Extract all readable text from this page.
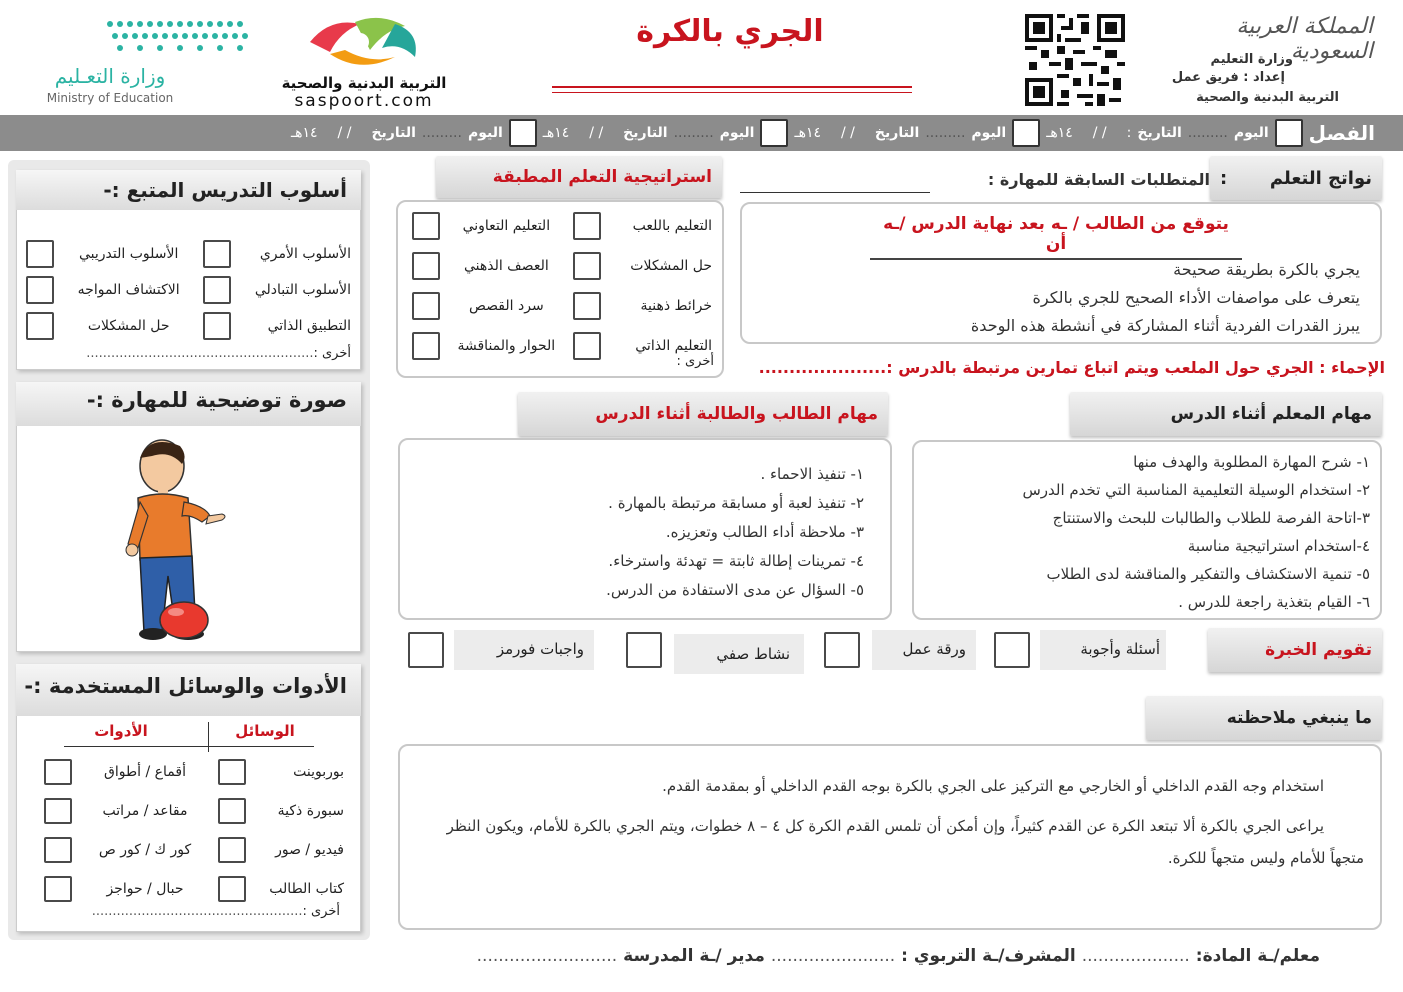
المملكة العربية السعودية
وزارة التعليم
إعداد : فريق عمل
التربية البدنية والصحية
الجري بالكرة
التربية البدنية والصحية
saspoort.com
وزارة التعـليم
Ministry of Education
الفصل
اليوم
.........
التاريخ
:
/ /
١٤هـ
اليوم
.........
التاريخ
/ /
١٤هـ
اليوم
.........
التاريخ
/ /
١٤هـ
اليوم
.........
التاريخ
/ /
١٤هـ
أسلوب التدريس المتبع :-
الأسلوب الأمري
الأسلوب التدريبي
الأسلوب التبادلي
الاكتشاف المواجه
التطبيق الذاتي
حل المشكلات
أخرى :.......................................................
صورة توضيحية للمهارة :-
الأدوات والوسائل المستخدمة :-
الوسائل
الأدوات
بوربوينت
أقماع / أطواق
سبورة ذكية
مقاعد / مراتب
فيديو / صور
كور ك / كور ص
كتاب الطالب
حبال / حواجز
أخرى :...................................................
نواتج التعلم
:
المتطلبات السابقة للمهارة :
استراتيجية التعلم المطبقة
يتوقع من الطالب / ـه بعد نهاية الدرس /ـه أن
يجري بالكرة بطريقة صحيحة
يتعرف على مواصفات الأداء الصحيح للجري بالكرة
يبرز القدرات الفردية أثناء المشاركة في أنشطة هذه الوحدة
التعليم باللعب
التعليم التعاوني
حل المشكلات
العصف الذهني
خرائط ذهنية
سرد القصص
التعليم الذاتي
الحوار والمناقشة
أخرى :	الإحماء : الجري حول الملعب ويتم اتباع تمارين مرتبطة بالدرس :.....................
مهام المعلم أثناء الدرس
مهام الطالب والطالبة أثناء الدرس
١- شرح المهارة المطلوبة والهدف منها
٢- استخدام الوسيلة التعليمية المناسبة التي تخدم الدرس
٣-اتاحة الفرصة للطلاب والطالبات للبحث والاستنتاج
٤-استخدام استراتيجية مناسبة
٥- تنمية الاستكشاف والتفكير والمناقشة لدى الطلاب
٦- القيام بتغذية راجعة للدرس .
١- تنفيذ الاحماء .
٢- تنفيذ لعبة أو مسابقة مرتبطة بالمهارة .
٣- ملاحظة أداء الطالب وتعزيزه.
٤- تمرينات إطالة ثابتة = تهدئة واسترخاء.
٥- السؤال عن مدى الاستفادة من الدرس.
تقويم الخبرة
أسئلة وأجوبة
ورقة عمل
نشاط صفي
واجبات فورمز
ما ينبغي ملاحظته
استخدام وجه القدم الداخلي أو الخارجي مع التركيز على الجري بالكرة بوجه القدم الداخلي أو بمقدمة القدم.
يراعى الجري بالكرة ألا تبتعد الكرة عن القدم كثيراً، وإن أمكن أن تلمس القدم الكرة كل ٤ – ٨ خطوات، ويتم الجري بالكرة للأمام، ويكون النظر متجهاً للأمام وليس متجهاً للكرة.
معلم/ـة المادة:
....................
المشرف/ـة التربوي :
.......................
مدير /ـة المدرسة
..........................
